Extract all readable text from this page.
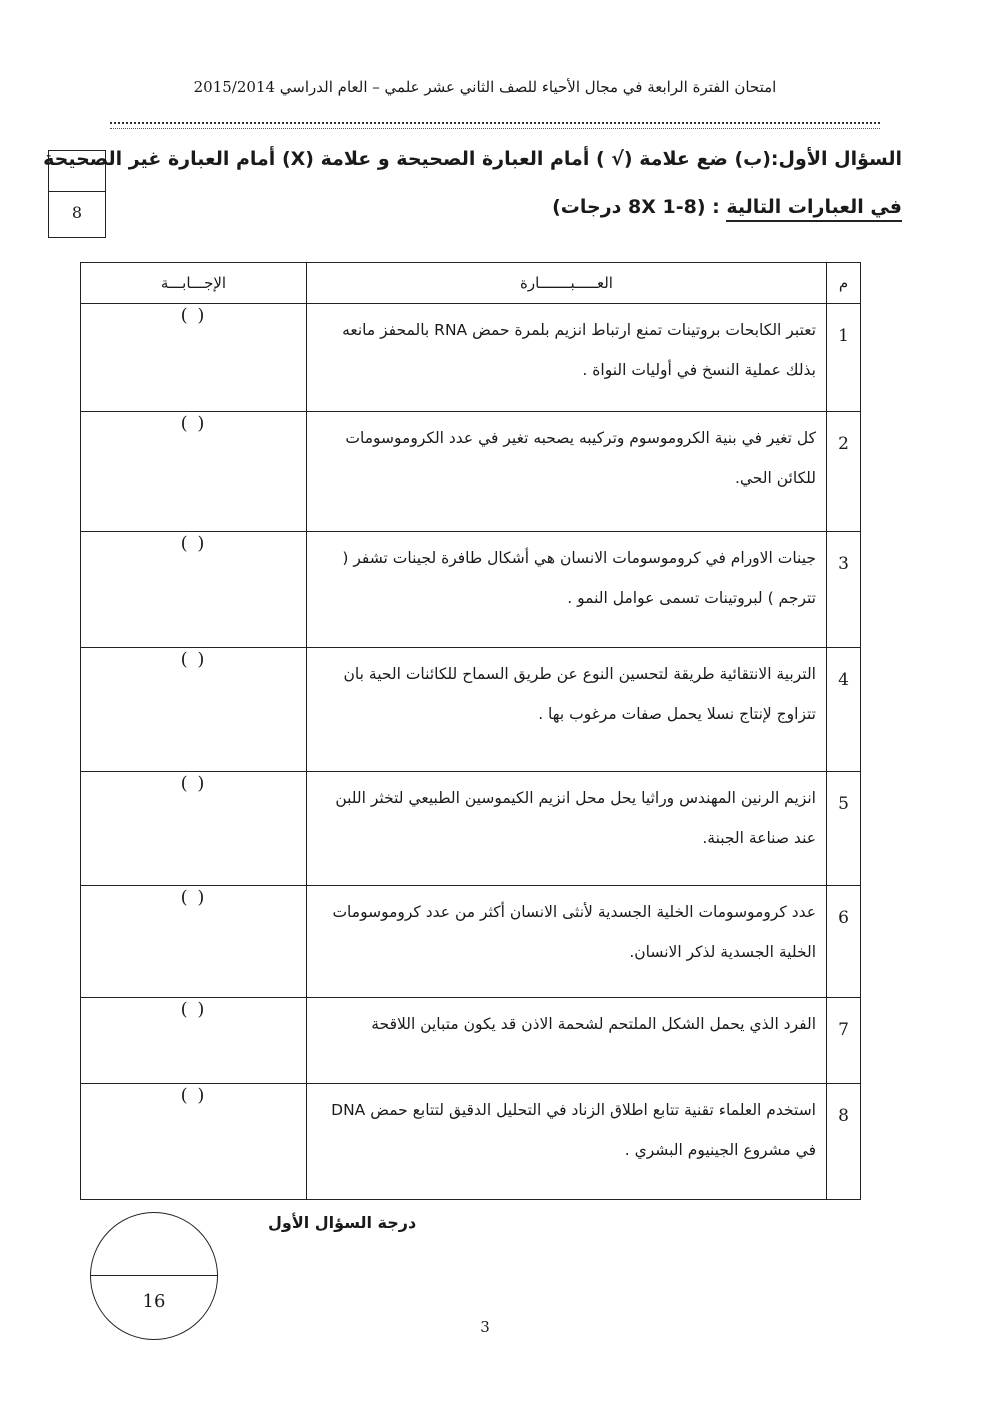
امتحان الفترة الرابعة في مجال الأحياء للصف الثاني عشر علمي – العام الدراسي 2015/2014
8
السؤال الأول:(ب) ضع علامة (√ ) أمام العبارة الصحيحة و علامة (X) أمام العبارة غير الصحيحة
في العبارات التالية : (8X 1-8 درجات)
م	العـــــبـــــــارة	الإجـــابـــة
1	تعتبر الكابحات بروتينات تمنع ارتباط انزيم بلمرة حمض RNA بالمحفز مانعه بذلك عملية النسخ في أوليات النواة .	( )
2	كل تغير في بنية الكروموسوم وتركيبه يصحبه تغير في عدد الكروموسومات للكائن الحي.	( )
3	جينات الاورام في كروموسومات الانسان هي أشكال طافرة لجينات تشفر ( تترجم ) لبروتينات تسمى عوامل النمو .	( )
4	التربية الانتقائية طريقة لتحسين النوع عن طريق السماح للكائنات الحية بان تتزاوج لإنتاج نسلا يحمل صفات مرغوب بها .	( )
5	انزيم الرنين المهندس وراثيا يحل محل انزيم الكيموسين الطبيعي لتخثر اللبن عند صناعة الجبنة.	( )
6	عدد كروموسومات الخلية الجسدية لأنثى الانسان أكثر من عدد كروموسومات الخلية الجسدية لذكر الانسان.	( )
7	الفرد الذي يحمل الشكل الملتحم لشحمة الاذن قد يكون متباين اللاقحة	( )
8	استخدم العلماء تقنية تتابع اطلاق الزناد في التحليل الدقيق لتتابع حمض DNA في مشروع الجينيوم البشري .	( )
درجة السؤال الأول
16
3
